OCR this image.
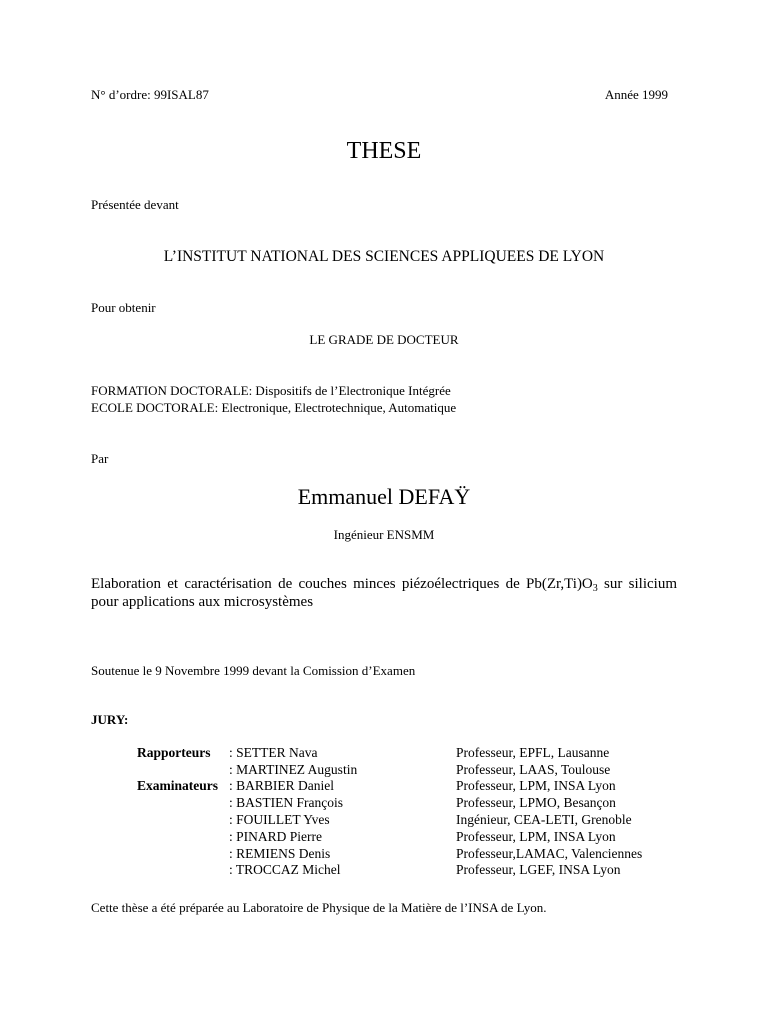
N° d’ordre: 99ISAL87	Année 1999
THESE
Présentée devant
L’INSTITUT NATIONAL DES SCIENCES APPLIQUEES DE LYON
Pour obtenir
LE GRADE DE DOCTEUR
FORMATION DOCTORALE: Dispositifs de l’Electronique Intégrée
ECOLE DOCTORALE: Electronique, Electrotechnique, Automatique
Par
Emmanuel DEFAŸ
Ingénieur ENSMM
Elaboration et caractérisation de couches minces piézoélectriques de $Pb(Zr,Ti)O_3$ sur silicium pour applications aux microsystèmes
Soutenue le 9 Novembre 1999 devant la Comission d’Examen
JURY:
Rapporteurs : SETTER Nava	Professeur, EPFL, Lausanne
: MARTINEZ Augustin	Professeur, LAAS, Toulouse
Examinateurs : BARBIER Daniel	Professeur, LPM, INSA Lyon
: BASTIEN François	Professeur, LPMO, Besançon
: FOUILLET Yves	Ingénieur, CEA-LETI, Grenoble
: PINARD Pierre	Professeur, LPM, INSA Lyon
: REMIENS Denis	Professeur,LAMAC, Valenciennes
: TROCCAZ Michel	Professeur, LGEF, INSA Lyon
Cette thèse a été préparée au Laboratoire de Physique de la Matière de l’INSA de Lyon.
